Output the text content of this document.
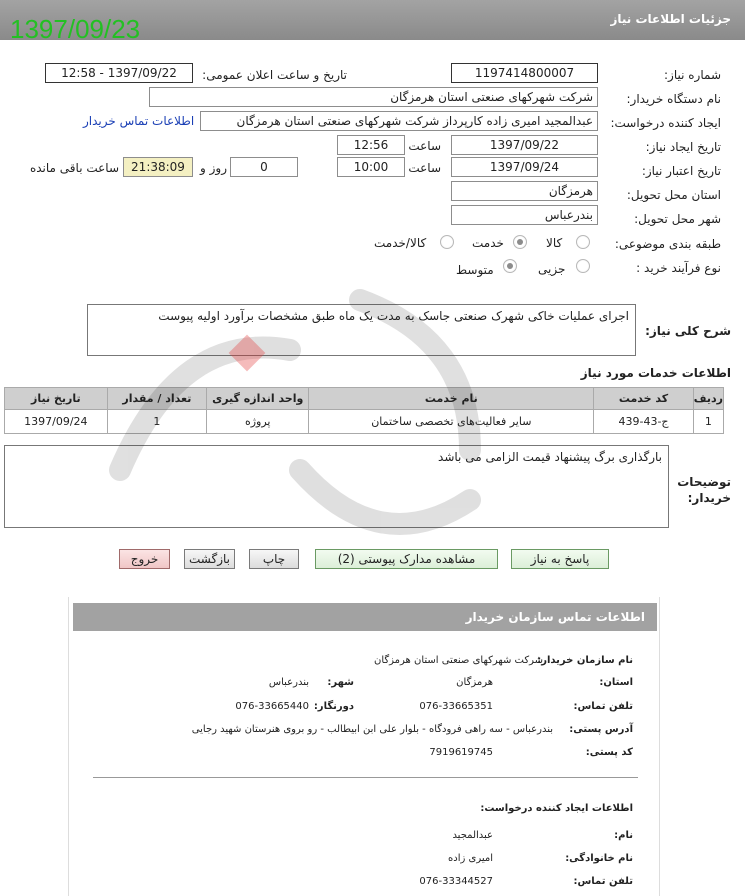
1397/09/23	جزئیات اطلاعات نیاز
شماره نیاز:
1197414800007
تاریخ و ساعت اعلان عمومی:
1397/09/22 - 12:58
نام دستگاه خریدار:
شرکت شهرکهای صنعتی استان هرمزگان
ایجاد کننده درخواست:
عبدالمجید امیری زاده کارپرداز شرکت شهرکهای صنعتی استان هرمزگان
اطلاعات تماس خریدار
تاریخ ایجاد نیاز:
1397/09/22
ساعت
12:56
تاریخ اعتبار نیاز:
1397/09/24
ساعت
10:00
0
روز و
21:38:09
ساعت باقی مانده
استان محل تحویل:
هرمزگان
شهر محل تحویل:
بندرعباس
طبقه بندی موضوعی:
کالا
خدمت
کالا/خدمت
نوع فرآیند خرید :
جزیی
متوسط
شرح کلی نیاز:
اجرای عملیات خاکی شهرک صنعتی جاسک به مدت یک ماه طبق مشخصات برآورد اولیه پیوست
اطلاعات خدمات مورد نیاز
ردیف	کد خدمت	نام خدمت	واحد اندازه گیری	تعداد / مقدار	تاریخ نیاز
1	ج-43-439	سایر فعالیت‌های تخصصی ساختمان	پروژه	1	1397/09/24
توضیحات خریدار:
بارگذاری برگ پیشنهاد قیمت الزامی می باشد
پاسخ به نیاز
مشاهده مدارک پیوستی (2)
چاپ
بازگشت
خروج
اطلاعات تماس سازمان خریدار
نام سازمان خریدار:
شرکت شهرکهای صنعتی استان هرمزگان
استان:
هرمزگان
شهر:
بندرعباس
تلفن تماس:
076-33665351
دورنگار:
076-33665440
آدرس پستی:
بندرعباس - سه راهی فرودگاه - بلوار علی ابن ابیطالب - رو بروی هنرستان شهید رجایی
کد پستی:
7919619745
اطلاعات ایجاد کننده درخواست:
نام:
عبدالمجید
نام خانوادگی:
امیری زاده
تلفن تماس:
076-33344527
